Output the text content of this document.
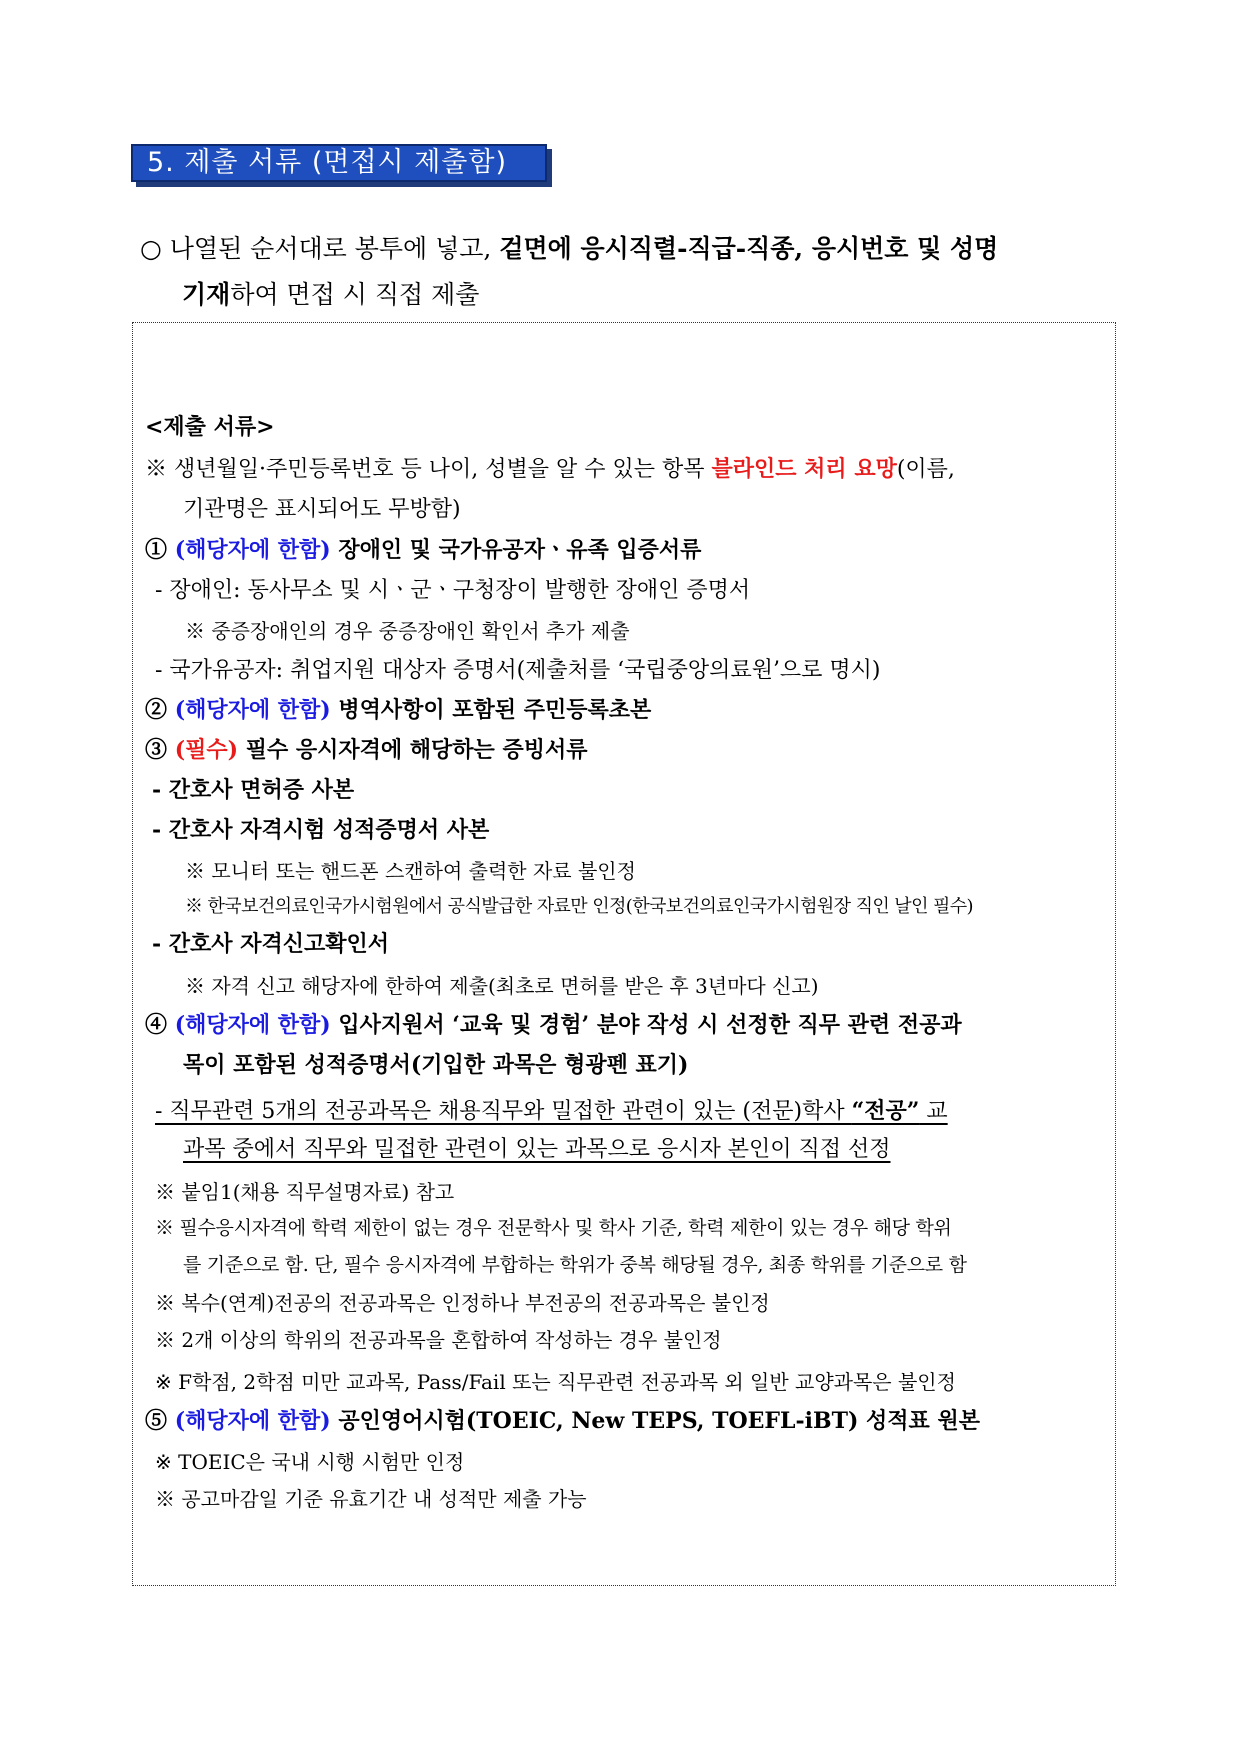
5. 제출 서류 (면접시 제출함)
○ 나열된 순서대로 봉투에 넣고, 겉면에 응시직렬-직급-직종, 응시번호 및 성명
기재하여 면접 시 직접 제출
<제출 서류>
※ 생년월일·주민등록번호 등 나이, 성별을 알 수 있는 항목 블라인드 처리 요망(이름,
기관명은 표시되어도 무방함)
① (해당자에 한함) 장애인 및 국가유공자ㆍ유족 입증서류
- 장애인: 동사무소 및 시ㆍ군ㆍ구청장이 발행한 장애인 증명서
※ 중증장애인의 경우 중증장애인 확인서 추가 제출
- 국가유공자: 취업지원 대상자 증명서(제출처를 ‘국립중앙의료원’으로 명시)
② (해당자에 한함) 병역사항이 포함된 주민등록초본
③ (필수) 필수 응시자격에 해당하는 증빙서류
- 간호사 면허증 사본
- 간호사 자격시험 성적증명서 사본
※ 모니터 또는 핸드폰 스캔하여 출력한 자료 불인정
※ 한국보건의료인국가시험원에서 공식발급한 자료만 인정(한국보건의료인국가시험원장 직인 날인 필수)
- 간호사 자격신고확인서
※ 자격 신고 해당자에 한하여 제출(최초로 면허를 받은 후 3년마다 신고)
④ (해당자에 한함) 입사지원서 ‘교육 및 경험’ 분야 작성 시 선정한 직무 관련 전공과
목이 포함된 성적증명서(기입한 과목은 형광펜 표기)
- 직무관련 5개의 전공과목은 채용직무와 밀접한 관련이 있는 (전문)학사 “전공” 교
과목 중에서 직무와 밀접한 관련이 있는 과목으로 응시자 본인이 직접 선정
※ 붙임1(채용 직무설명자료) 참고
※ 필수응시자격에 학력 제한이 없는 경우 전문학사 및 학사 기준, 학력 제한이 있는 경우 해당 학위
를 기준으로 함. 단, 필수 응시자격에 부합하는 학위가 중복 해당될 경우, 최종 학위를 기준으로 함
※ 복수(연계)전공의 전공과목은 인정하나 부전공의 전공과목은 불인정
※ 2개 이상의 학위의 전공과목을 혼합하여 작성하는 경우 불인정
※ F학점, 2학점 미만 교과목, Pass/Fail 또는 직무관련 전공과목 외 일반 교양과목은 불인정
⑤ (해당자에 한함) 공인영어시험(TOEIC, New TEPS, TOEFL-iBT) 성적표 원본
※ TOEIC은 국내 시행 시험만 인정
※ 공고마감일 기준 유효기간 내 성적만 제출 가능
